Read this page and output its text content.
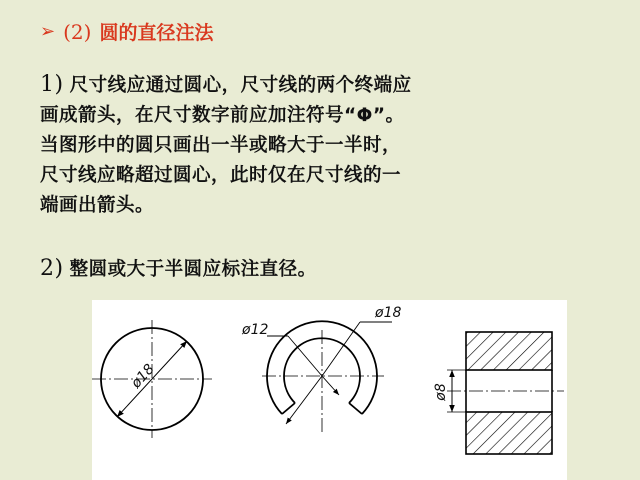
➢ (2) 圆的直径注法
1) 尺寸线应通过圆心，尺寸线的两个终端应
画成箭头，在尺寸数字前应加注符号“Φ”。
当图形中的圆只画出一半或略大于一半时，
尺寸线应略超过圆心，此时仅在尺寸线的一
端画出箭头。
2) 整圆或大于半圆应标注直径。
ø18
ø12
ø18
ø8
